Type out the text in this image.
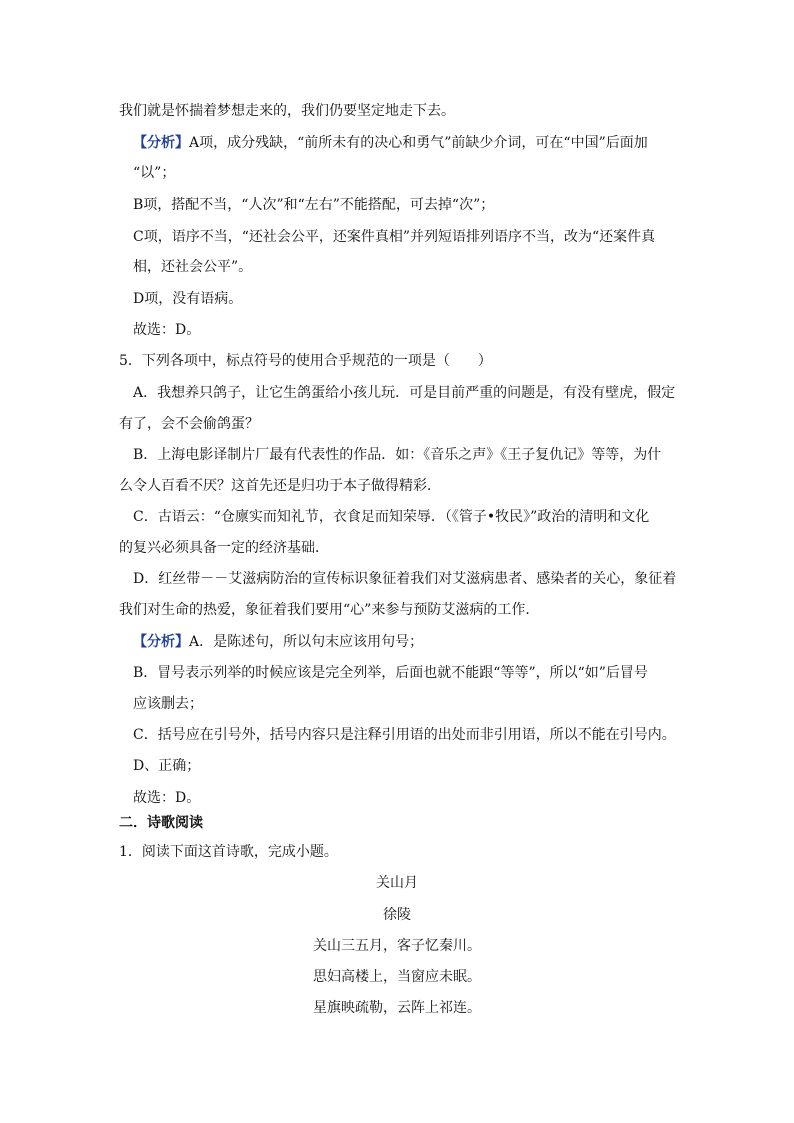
我们就是怀揣着梦想走来的，我们仍要坚定地走下去。
【分析】A项，成分残缺，“前所未有的决心和勇气”前缺少介词，可在“中国”后面加
“以”；
B项，搭配不当，“人次”和“左右”不能搭配，可去掉“次”；
C项，语序不当，“还社会公平，还案件真相”并列短语排列语序不当，改为“还案件真
相，还社会公平”。
D项，没有语病。
故选：D。
5．下列各项中，标点符号的使用合乎规范的一项是（　　）
A．我想养只鸽子，让它生鸽蛋给小孩儿玩．可是目前严重的问题是，有没有壁虎，假定
有了，会不会偷鸽蛋？
B．上海电影译制片厂最有代表性的作品．如：《音乐之声》《王子复仇记》等等，为什
么令人百看不厌？这首先还是归功于本子做得精彩．
C．古语云：“仓廪实而知礼节，衣食足而知荣辱．（《管子•牧民》”政治的清明和文化
的复兴必须具备一定的经济基础．
D．红丝带－－艾滋病防治的宣传标识象征着我们对艾滋病患者、感染者的关心，象征着
我们对生命的热爱，象征着我们要用“心”来参与预防艾滋病的工作．
【分析】A．是陈述句，所以句末应该用句号；
B．冒号表示列举的时候应该是完全列举，后面也就不能跟“等等”，所以“如”后冒号
应该删去；
C．括号应在引号外，括号内容只是注释引用语的出处而非引用语，所以不能在引号内。
D、正确；
故选：D。
二．诗歌阅读
1．阅读下面这首诗歌，完成小题。
关山月
徐陵
关山三五月，客子忆秦川。
思妇高楼上，当窗应未眠。
星旗映疏勒，云阵上祁连。
